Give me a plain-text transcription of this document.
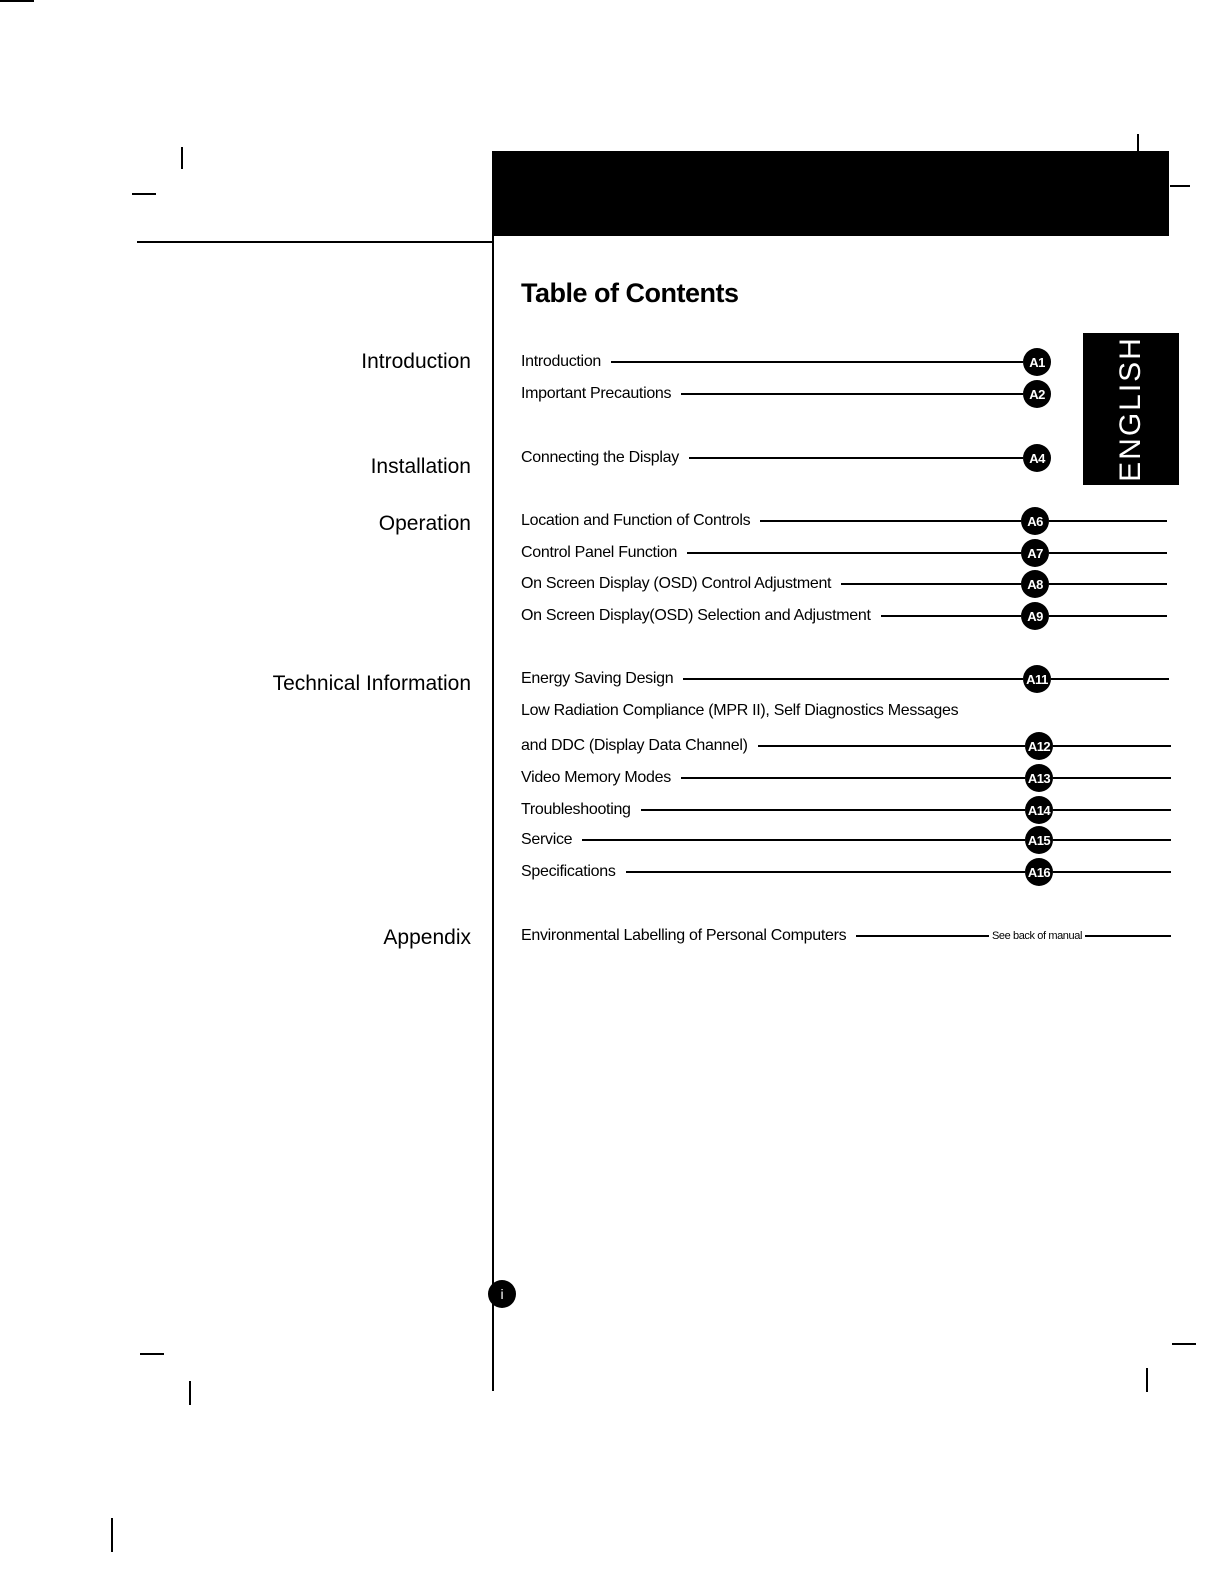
Table of Contents
ENGLISH
Introduction
Installation
Operation
Technical Information
Appendix
Introduction	A1
Important Precautions	A2
Connecting the Display	A4
Location and Function of Controls	A6
Control Panel Function	A7
On Screen Display (OSD) Control Adjustment	A8
On Screen Display(OSD) Selection and Adjustment	A9
Energy Saving Design	A11
Low Radiation Compliance (MPR II), Self Diagnostics Messages
and DDC (Display Data Channel)	A12
Video Memory Modes	A13
Troubleshooting	A14
Service	A15
Specifications	A16
Environmental Labelling of Personal Computers	See back of manual
i
